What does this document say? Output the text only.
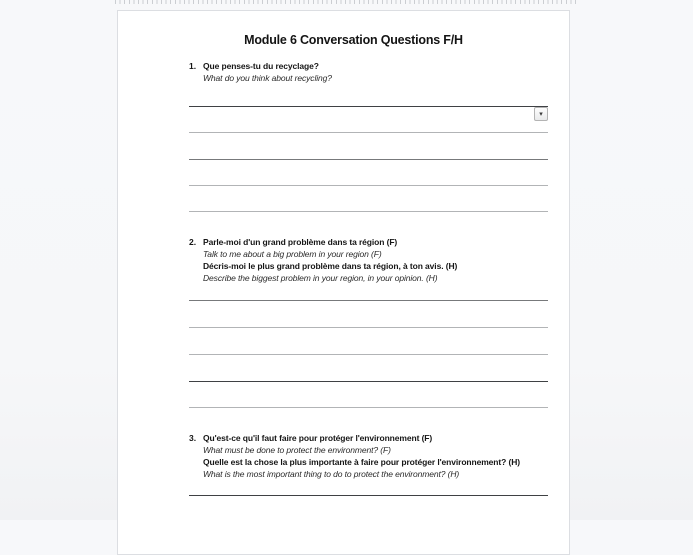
Module 6 Conversation Questions F/H
1. Que penses-tu du recyclage?
What do you think about recycling?
▾
2. Parle-moi d'un grand problème dans ta région (F)
Talk to me about a big problem in your region (F)
Décris-moi le plus grand problème dans ta région, à ton avis. (H)
Describe the biggest problem in your region, in your opinion. (H)
3. Qu'est-ce qu'il faut faire pour protéger l'environnement (F)
What must be done to protect the environment? (F)
Quelle est la chose la plus importante à faire pour protéger l'environnement? (H)
What is the most important thing to do to protect the environment? (H)
